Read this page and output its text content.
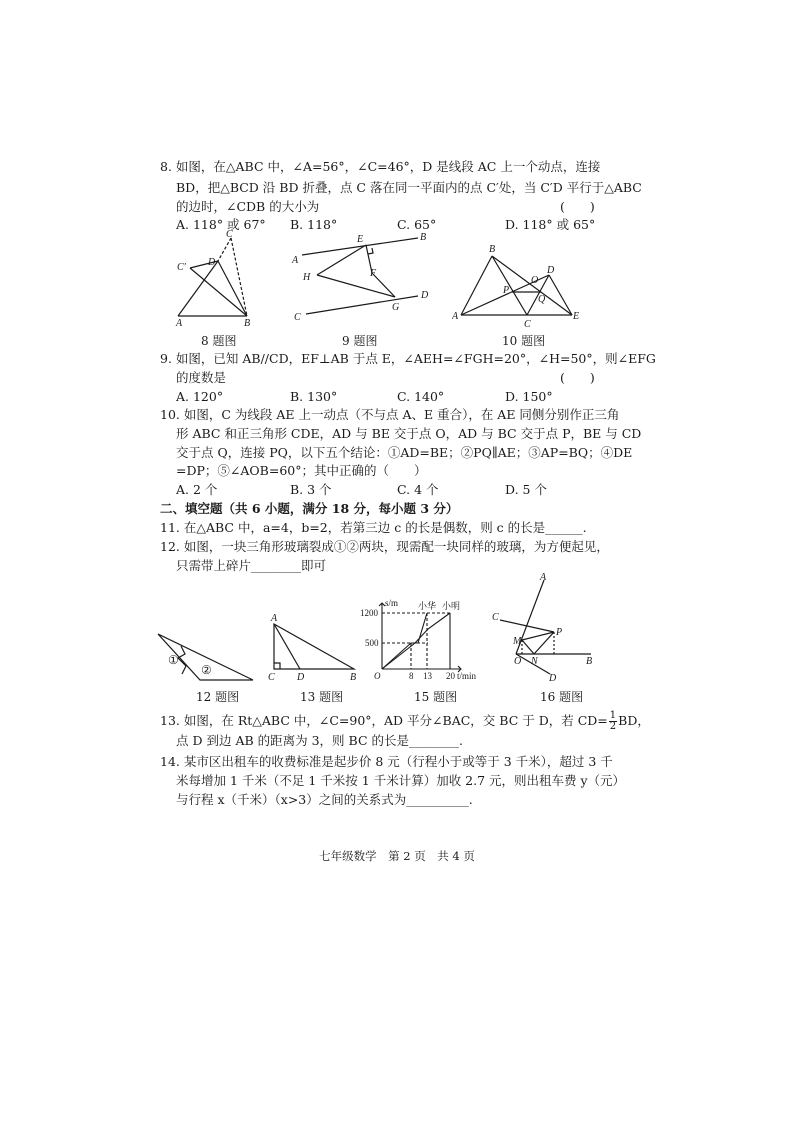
8. 如图，在△ABC 中，∠A=56°，∠C=46°，D 是线段 AC 上一个动点，连接
BD，把△BCD 沿 BD 折叠，点 C 落在同一平面内的点 C′处，当 C′D 平行于△ABC
的边时，∠CDB 的大小为	(　　)
A. 118° 或 67° B. 118°	C. 65°	D. 118° 或 65°
C
C′ D
A	B
B
E
A
H	F
G
D
C
B
D
O
P
Q
A
C
E
8 题图	9 题图	10 题图
9. 如图，已知 AB//CD，EF⊥AB 于点 E，∠AEH=∠FGH=20°，∠H=50°，则∠EFG
的度数是	(　　)
A. 120°	B. 130°	C. 140°	D. 150°
10. 如图，C 为线段 AE 上一动点（不与点 A、E 重合），在 AE 同侧分别作正三角
形 ABC 和正三角形 CDE，AD 与 BE 交于点 O，AD 与 BC 交于点 P，BE 与 CD
交于点 Q，连接 PQ，以下五个结论：①AD=BE；②PQ∥AE；③AP=BQ；④DE
=DP；⑤∠AOB=60°；其中正确的（　　）
A. 2 个	B. 3 个	C. 4 个	D. 5 个
二、填空题（共 6 小题，满分 18 分，每小题 3 分）
11. 在△ABC 中，a=4，b=2，若第三边 c 的长是偶数，则 c 的长是______.
12. 如图，一块三角形玻璃裂成①②两块，现需配一块同样的玻璃，为方便起见，
只需带上碎片________即可
①
②
A
C D	B
s/m
1200
500
O	8 13 20 t/min
小华 小明
A
C
M
P
O N
D
B
12 题图	13 题图	15 题图	16 题图
13. 如图，在 Rt△ABC 中，∠C=90°，AD 平分∠BAC，交 BC 于 D，若 $CD= \frac{1}{2}$ BD，
点 D 到边 AB 的距离为 3，则 BC 的长是________.
14. 某市区出租车的收费标准是起步价 8 元（行程小于或等于 3 千米），超过 3 千
米每增加 1 千米（不足 1 千米按 1 千米计算）加收 2.7 元，则出租车费 y（元）
与行程 x（千米）（x>3）之间的关系式为__________.
七年级数学　第 2 页　共 4 页
